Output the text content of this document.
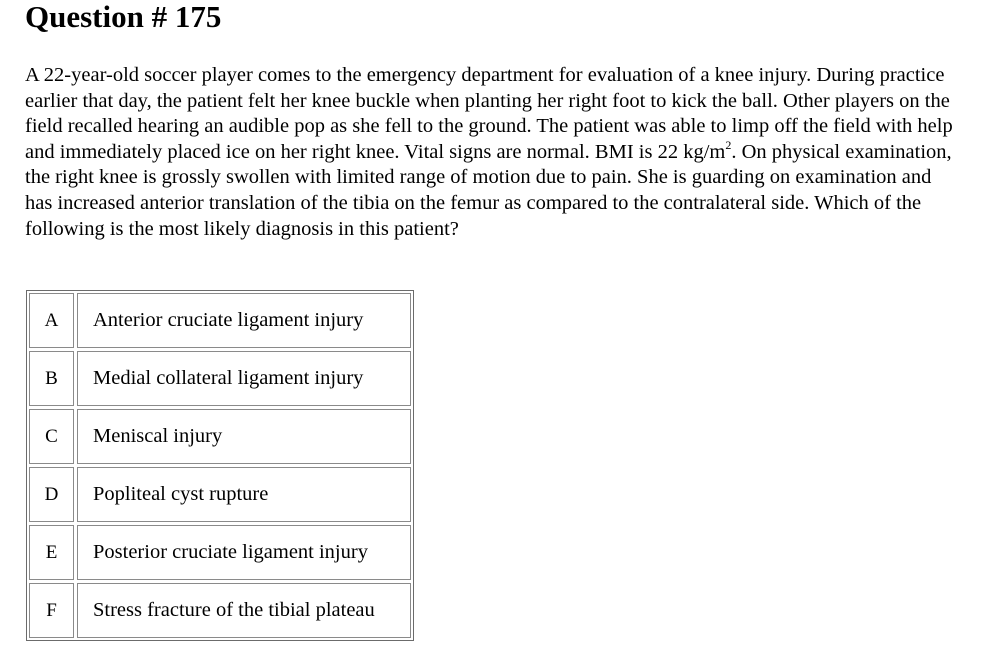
Question # 175

A 22-year-old soccer player comes to the emergency department for evaluation of a knee injury. During practice earlier that day, the patient felt her knee buckle when planting her right foot to kick the ball. Other players on the field recalled hearing an audible pop as she fell to the ground. The patient was able to limp off the field with help and immediately placed ice on her right knee. Vital signs are normal. BMI is 22 $kg/m^2$. On physical examination, the right knee is grossly swollen with limited range of motion due to pain. She is guarding on examination and has increased anterior translation of the tibia on the femur as compared to the contralateral side. Which of the following is the most likely diagnosis in this patient?

A	Anterior cruciate ligament injury
B	Medial collateral ligament injury
C	Meniscal injury
D	Popliteal cyst rupture
E	Posterior cruciate ligament injury
F	Stress fracture of the tibial plateau
